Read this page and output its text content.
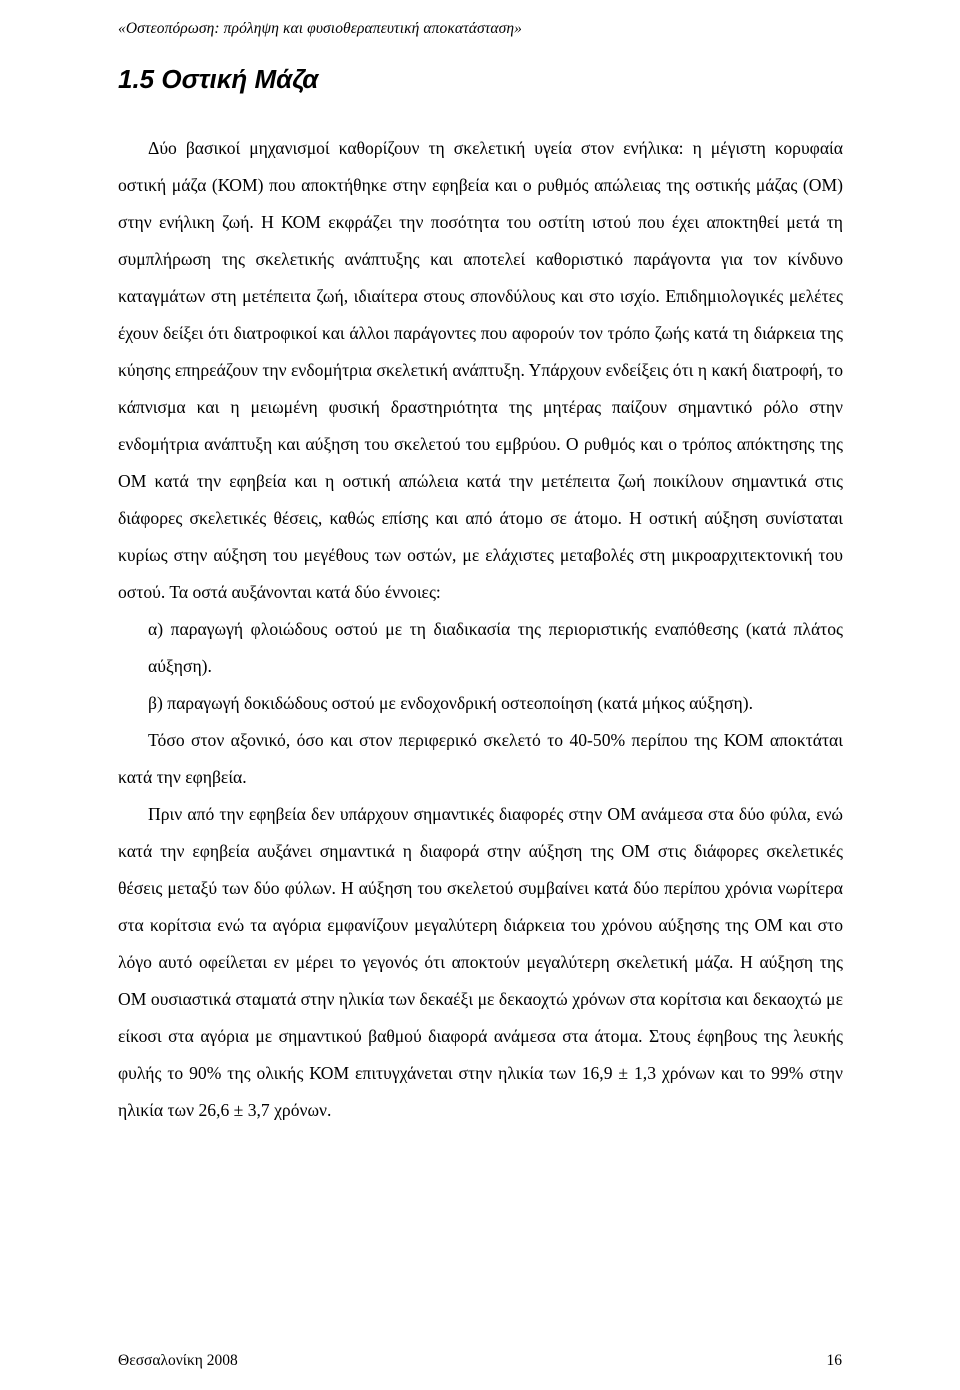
«Οστεοπόρωση: πρόληψη και φυσιοθεραπευτική αποκατάσταση»
1.5 Οστική Μάζα

Δύο βασικοί μηχανισμοί καθορίζουν τη σκελετική υγεία στον ενήλικα: η μέγιστη κορυφαία οστική μάζα (ΚΟΜ) που αποκτήθηκε στην εφηβεία και ο ρυθμός απώλειας της οστικής μάζας (ΟΜ) στην ενήλικη ζωή. Η ΚΟΜ εκφράζει την ποσότητα του οστίτη ιστού που έχει αποκτηθεί μετά τη συμπλήρωση της σκελετικής ανάπτυξης και αποτελεί καθοριστικό παράγοντα για τον κίνδυνο καταγμάτων στη μετέπειτα ζωή, ιδιαίτερα στους σπονδύλους και στο ισχίο. Επιδημιολογικές μελέτες έχουν δείξει ότι διατροφικοί και άλλοι παράγοντες που αφορούν τον τρόπο ζωής κατά τη διάρκεια της κύησης επηρεάζουν την ενδομήτρια σκελετική ανάπτυξη. Υπάρχουν ενδείξεις ότι η κακή διατροφή, το κάπνισμα και η μειωμένη φυσική δραστηριότητα της μητέρας παίζουν σημαντικό ρόλο στην ενδομήτρια ανάπτυξη και αύξηση του σκελετού του εμβρύου. Ο ρυθμός και ο τρόπος απόκτησης της ΟΜ κατά την εφηβεία και η οστική απώλεια κατά την μετέπειτα ζωή ποικίλουν σημαντικά στις διάφορες σκελετικές θέσεις, καθώς επίσης και από άτομο σε άτομο. Η οστική αύξηση συνίσταται κυρίως στην αύξηση του μεγέθους των οστών, με ελάχιστες μεταβολές στη μικροαρχιτεκτονική του οστού. Τα οστά αυξάνονται κατά δύο έννοιες:

α) παραγωγή φλοιώδους οστού με τη διαδικασία της περιοριστικής εναπόθεσης (κατά πλάτος αύξηση).

β) παραγωγή δοκιδώδους οστού με ενδοχονδρική οστεοποίηση (κατά μήκος αύξηση).

Τόσο στον αξονικό, όσο και στον περιφερικό σκελετό το 40-50% περίπου της ΚΟΜ αποκτάται κατά την εφηβεία.

Πριν από την εφηβεία δεν υπάρχουν σημαντικές διαφορές στην ΟΜ ανάμεσα στα δύο φύλα, ενώ κατά την εφηβεία αυξάνει σημαντικά η διαφορά στην αύξηση της ΟΜ στις διάφορες σκελετικές θέσεις μεταξύ των δύο φύλων. Η αύξηση του σκελετού συμβαίνει κατά δύο περίπου χρόνια νωρίτερα στα κορίτσια ενώ τα αγόρια εμφανίζουν μεγαλύτερη διάρκεια του χρόνου αύξησης της ΟΜ και στο λόγο αυτό οφείλεται εν μέρει το γεγονός ότι αποκτούν μεγαλύτερη σκελετική μάζα. Η αύξηση της ΟΜ ουσιαστικά σταματά στην ηλικία των δεκαέξι με δεκαοχτώ χρόνων στα κορίτσια και δεκαοχτώ με είκοσι στα αγόρια με σημαντικού βαθμού διαφορά ανάμεσα στα άτομα. Στους έφηβους της λευκής φυλής το 90% της ολικής ΚΟΜ επιτυγχάνεται στην ηλικία των 16,9 ± 1,3 χρόνων και το 99% στην ηλικία των 26,6 ± 3,7 χρόνων.

Θεσσαλονίκη 2008	16
